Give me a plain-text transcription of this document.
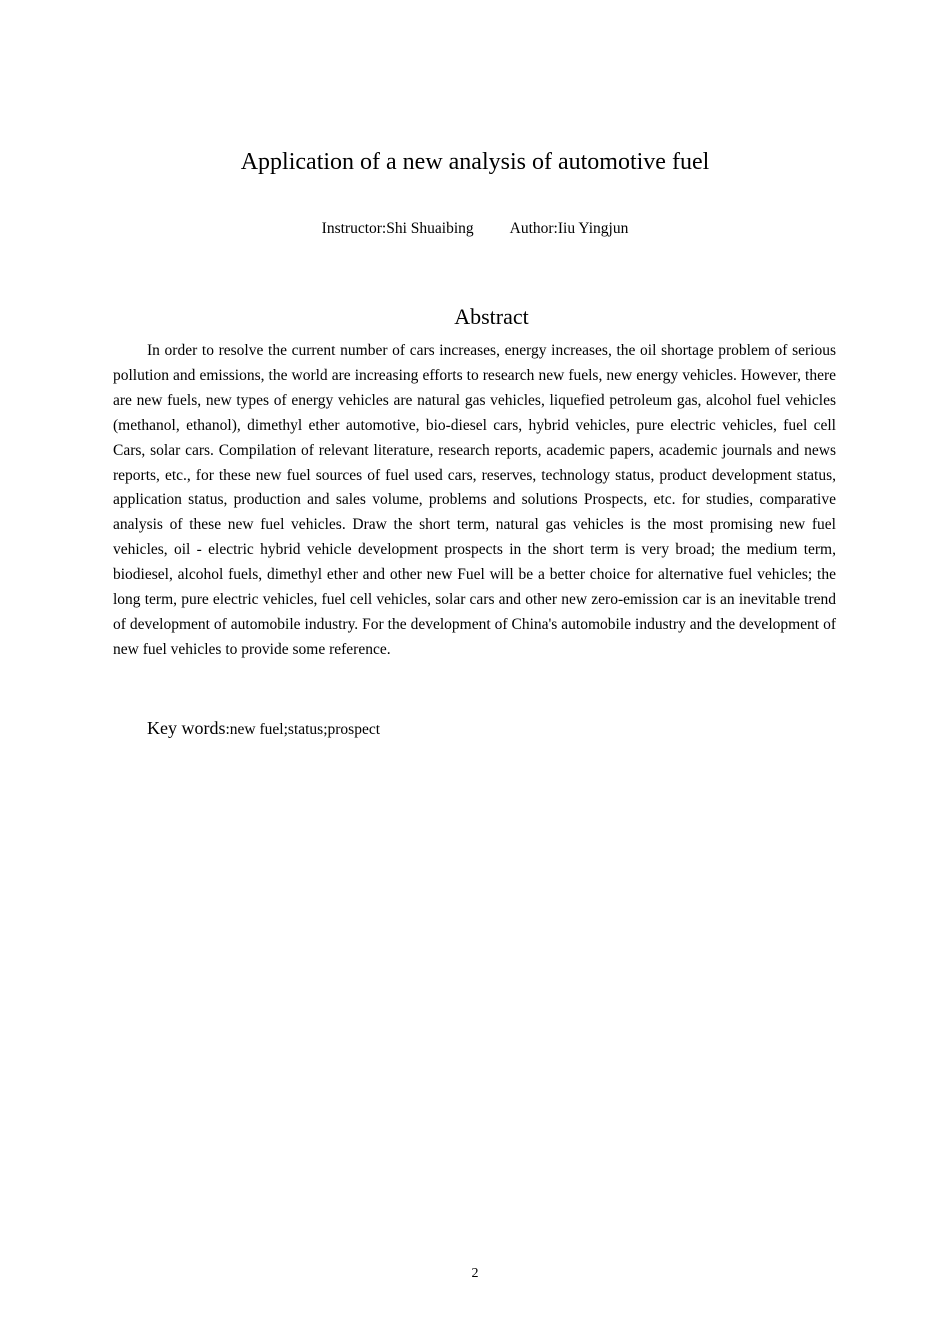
Application of a new analysis of automotive fuel
Instructor:Shi Shuaibing Author:Iiu Yingjun
Abstract

In order to resolve the current number of cars increases, energy increases, the oil shortage problem of serious pollution and emissions, the world are increasing efforts to research new fuels, new energy vehicles. However, there are new fuels, new types of energy vehicles are natural gas vehicles, liquefied petroleum gas, alcohol fuel vehicles (methanol, ethanol), dimethyl ether automotive, bio-diesel cars, hybrid vehicles, pure electric vehicles, fuel cell Cars, solar cars. Compilation of relevant literature, research reports, academic papers, academic journals and news reports, etc., for these new fuel sources of fuel used cars, reserves, technology status, product development status, application status, production and sales volume, problems and solutions Prospects, etc. for studies, comparative analysis of these new fuel vehicles. Draw the short term, natural gas vehicles is the most promising new fuel vehicles, oil - electric hybrid vehicle development prospects in the short term is very broad; the medium term, biodiesel, alcohol fuels, dimethyl ether and other new Fuel will be a better choice for alternative fuel vehicles; the long term, pure electric vehicles, fuel cell vehicles, solar cars and other new zero-emission car is an inevitable trend of development of automobile industry. For the development of China's automobile industry and the development of new fuel vehicles to provide some reference.

Key words:new fuel;status;prospect
2
